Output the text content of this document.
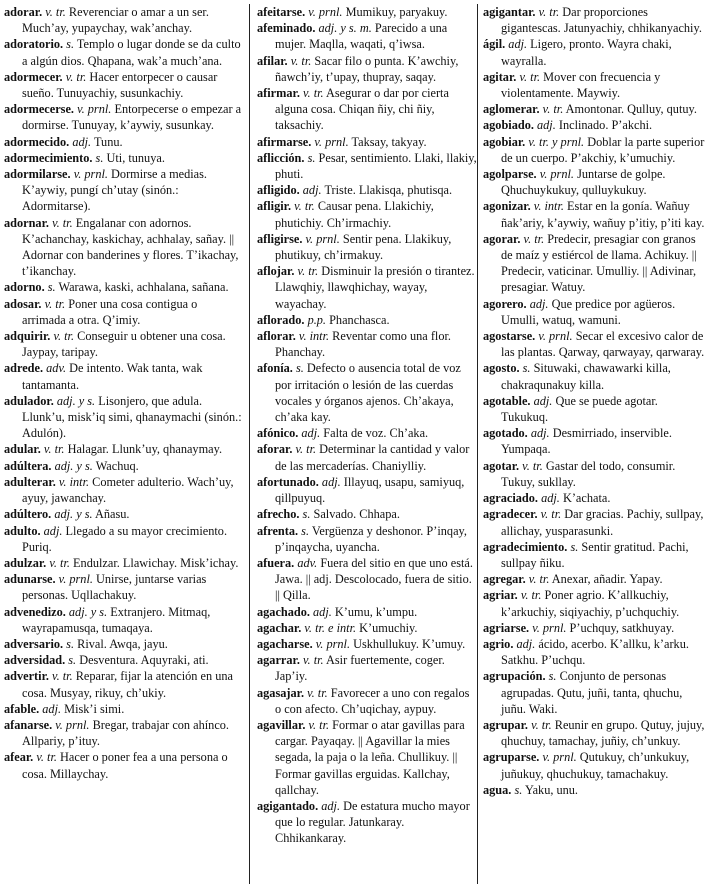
adorar. v. tr. Reverenciar o amar a un ser. Much’ay, yupaychay, wak’anchay.

adoratorio. s. Templo o lugar donde se da culto a algún dios. Qhapana, wak’a much’ana.

adormecer. v. tr. Hacer entorpecer o causar sueño. Tunuyachiy, susunkachiy.

adormecerse. v. prnl. Entorpecerse o empezar a dormirse. Tunuyay, k’aywiy, susunkay.

adormecido. adj. Tunu.

adormecimiento. s. Uti, tunuya.

adormilarse. v. prnl. Dormirse a medias. K’aywiy, pungí ch’utay (sinón.: Adormitarse).

adornar. v. tr. Engalanar con adornos. K’achanchay, kaskichay, achhalay, sañay. || Adornar con banderines y flores. T’ikachay, t’ikanchay.

adorno. s. Warawa, kaski, achhalana, sañana.

adosar. v. tr. Poner una cosa contigua o arrimada a otra. Q’imiy.

adquirir. v. tr. Conseguir u obtener una cosa. Jaypay, taripay.

adrede. adv. De intento. Wak tanta, wak tantamanta.

adulador. adj. y s. Lisonjero, que adula. Llunk’u, misk’iq simi, qhanaymachi (sinón.: Adulón).

adular. v. tr. Halagar. Llunk’uy, qhanaymay.

adúltera. adj. y s. Wachuq.

adulterar. v. intr. Cometer adulterio. Wach’uy, ayuy, jawanchay.

adúltero. adj. y s. Añasu.

adulto. adj. Llegado a su mayor crecimiento. Puriq.

adulzar. v. tr. Endulzar. Llawichay. Misk’ichay.

adunarse. v. prnl. Unirse, juntarse varias personas. Uqllachakuy.

advenedizo. adj. y s. Extranjero. Mitmaq, wayrapamusqa, tumaqaya.

adversario. s. Rival. Awqa, jayu.

adversidad. s. Desventura. Aquyraki, ati.

advertir. v. tr. Reparar, fijar la atención en una cosa. Musyay, rikuy, ch’ukiy.

afable. adj. Misk’i simi.

afanarse. v. prnl. Bregar, trabajar con ahínco. Allpariy, p’ituy.

afear. v. tr. Hacer o poner fea a una persona o cosa. Millaychay.

afeitarse. v. prnl. Mumikuy, paryakuy.

afeminado. adj. y s. m. Parecido a una mujer. Maqlla, waqati, q’iwsa.

afilar. v. tr. Sacar filo o punta. K’awchiy, ñawch’iy, t’upay, thupray, saqay.

afirmar. v. tr. Asegurar o dar por cierta alguna cosa. Chiqan ñiy, chi ñiy, taksachiy.

afirmarse. v. prnl. Taksay, takyay.

aflicción. s. Pesar, sentimiento. Llaki, llakiy, phuti.

afligido. adj. Triste. Llakisqa, phutisqa.

afligir. v. tr. Causar pena. Llakichiy, phutichiy. Ch’irmachiy.

afligirse. v. prnl. Sentir pena. Llakikuy, phutikuy, ch’irmakuy.

aflojar. v. tr. Disminuir la presión o tirantez. Llawqhiy, llawqhichay, wayay, wayachay.

aflorado. p.p. Phanchasca.

aflorar. v. intr. Reventar como una flor. Phanchay.

afonía. s. Defecto o ausencia total de voz por irritación o lesión de las cuerdas vocales y órganos ajenos. Ch’akaya, ch’aka kay.

afónico. adj. Falta de voz. Ch’aka.

aforar. v. tr. Determinar la cantidad y valor de las mercaderías. Chaniylliy.

afortunado. adj. Illayuq, usapu, samiyuq, qillpuyuq.

afrecho. s. Salvado. Chhapa.

afrenta. s. Vergüenza y deshonor. P’inqay, p’inqaycha, uyancha.

afuera. adv. Fuera del sitio en que uno está. Jawa. || adj. Descolocado, fuera de sitio. || Qilla.

agachado. adj. K’umu, k’umpu.

agachar. v. tr. e intr. K’umuchiy.

agacharse. v. prnl. Uskhullukuy. K’umuy.

agarrar. v. tr. Asir fuertemente, coger. Jap’iy.

agasajar. v. tr. Favorecer a uno con regalos o con afecto. Ch’uqichay, aypuy.

agavillar. v. tr. Formar o atar gavillas para cargar. Payaqay. || Agavillar la mies segada, la paja o la leña. Chullikuy. || Formar gavillas erguidas. Kallchay, qallchay.

agigantado. adj. De estatura mucho mayor que lo regular. Jatunkaray. Chhikankaray.

agigantar. v. tr. Dar proporciones gigantescas. Jatunyachiy, chhikanyachiy.

ágil. adj. Ligero, pronto. Wayra chaki, wayralla.

agitar. v. tr. Mover con frecuencia y violentamente. Maywiy.

aglomerar. v. tr. Amontonar. Qulluy, qutuy.

agobiado. adj. Inclinado. P’akchi.

agobiar. v. tr. y prnl. Doblar la parte superior de un cuerpo. P’akchiy, k’umuchiy.

agolparse. v. prnl. Juntarse de golpe. Qhuchuykukuy, qulluykukuy.

agonizar. v. intr. Estar en la gonía. Wañuy ñak’ariy, k’aywiy, wañuy p’itiy, p’iti kay.

agorar. v. tr. Predecir, presagiar con granos de maíz y estiércol de llama. Achikuy. || Predecir, vaticinar. Umulliy. || Adivinar, presagiar. Watuy.

agorero. adj. Que predice por agüeros. Umulli, watuq, wamuni.

agostarse. v. prnl. Secar el excesivo calor de las plantas. Qarway, qarwayay, qarwaray.

agosto. s. Situwaki, chawawarki killa, chakraqunakuy killa.

agotable. adj. Que se puede agotar. Tukukuq.

agotado. adj. Desmirriado, inservible. Yumpaqa.

agotar. v. tr. Gastar del todo, consumir. Tukuy, sukllay.

agraciado. adj. K’achata.

agradecer. v. tr. Dar gracias. Pachiy, sullpay, allichay, yusparasunki.

agradecimiento. s. Sentir gratitud. Pachi, sullpay ñiku.

agregar. v. tr. Anexar, añadir. Yapay.

agriar. v. tr. Poner agrio. K’allkuchiy, k’arkuchiy, siqiyachiy, p’uchquchiy.

agriarse. v. prnl. P’uchquy, satkhuyay.

agrio. adj. ácido, acerbo. K’allku, k’arku. Satkhu. P’uchqu.

agrupación. s. Conjunto de personas agrupadas. Qutu, juñi, tanta, qhuchu, juñu. Waki.

agrupar. v. tr. Reunir en grupo. Qutuy, jujuy, qhuchuy, tamachay, juñiy, ch’unkuy.

agruparse. v. prnl. Qutukuy, ch’unkukuy, juñukuy, qhuchukuy, tamachakuy.

agua. s. Yaku, unu.
